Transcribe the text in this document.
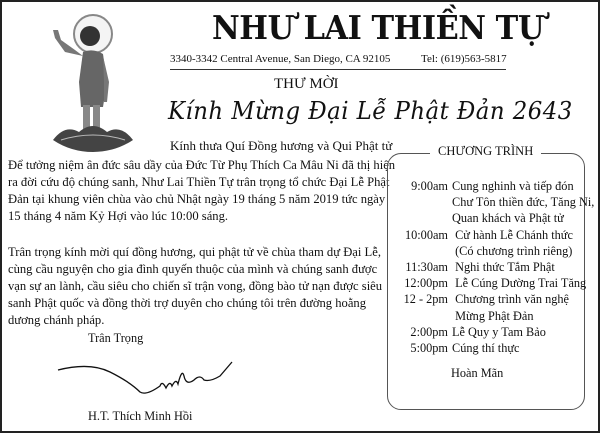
NHƯ LAI THIỀN TỰ
3340-3342 Central Avenue, San Diego, CA 92105	Tel: (619)563-5817
THƯ MỜI
Kính Mừng Đại Lễ Phật Đản 2643
Kính thưa Quí Đồng hương và Qui Phật tử
Để tưởng niệm ân đức sâu dầy của Đức Từ Phụ Thích Ca Mâu Ni đã thị hiện
ra đời cứu độ chúng sanh, Như Lai Thiền Tự trân trọng tổ chức Đại Lễ Phật
Đản tại khung viên chùa vào chủ Nhật ngày 19 tháng 5 năm 2019 tức ngày
15 tháng 4 năm Kỷ Hợi vào lúc 10:00 sáng.
Trân trọng kính mời quí đồng hương, qui phật tử về chùa tham dự Đại Lễ,
cùng cầu nguyện cho gia đình quyến thuộc của mình và chúng sanh được
vạn sự an lành, cầu siêu cho chiến sĩ trận vong, đồng bào tử nạn được siêu
sanh Phật quốc và đồng thời trợ duyên cho chúng tôi trên đường hoằng
dương chánh pháp.
Trân Trọng
H.T. Thích Minh Hồi
CHƯƠNG TRÌNH
9:00am Cung nghinh và tiếp đón
Chư Tôn thiền đức, Tăng Ni,
Quan khách và Phật tử
10:00am Cử hành Lễ Chánh thức
(Có chương trình riêng)
11:30am Nghi thức Tắm Phật
12:00pm Lễ Cúng Dường Trai Tăng
12 - 2pm Chương trình văn nghệ
Mừng Phật Đản
2:00pm Lễ Quy y Tam Bảo
5:00pm Cúng thí thực
Hoàn Mãn
